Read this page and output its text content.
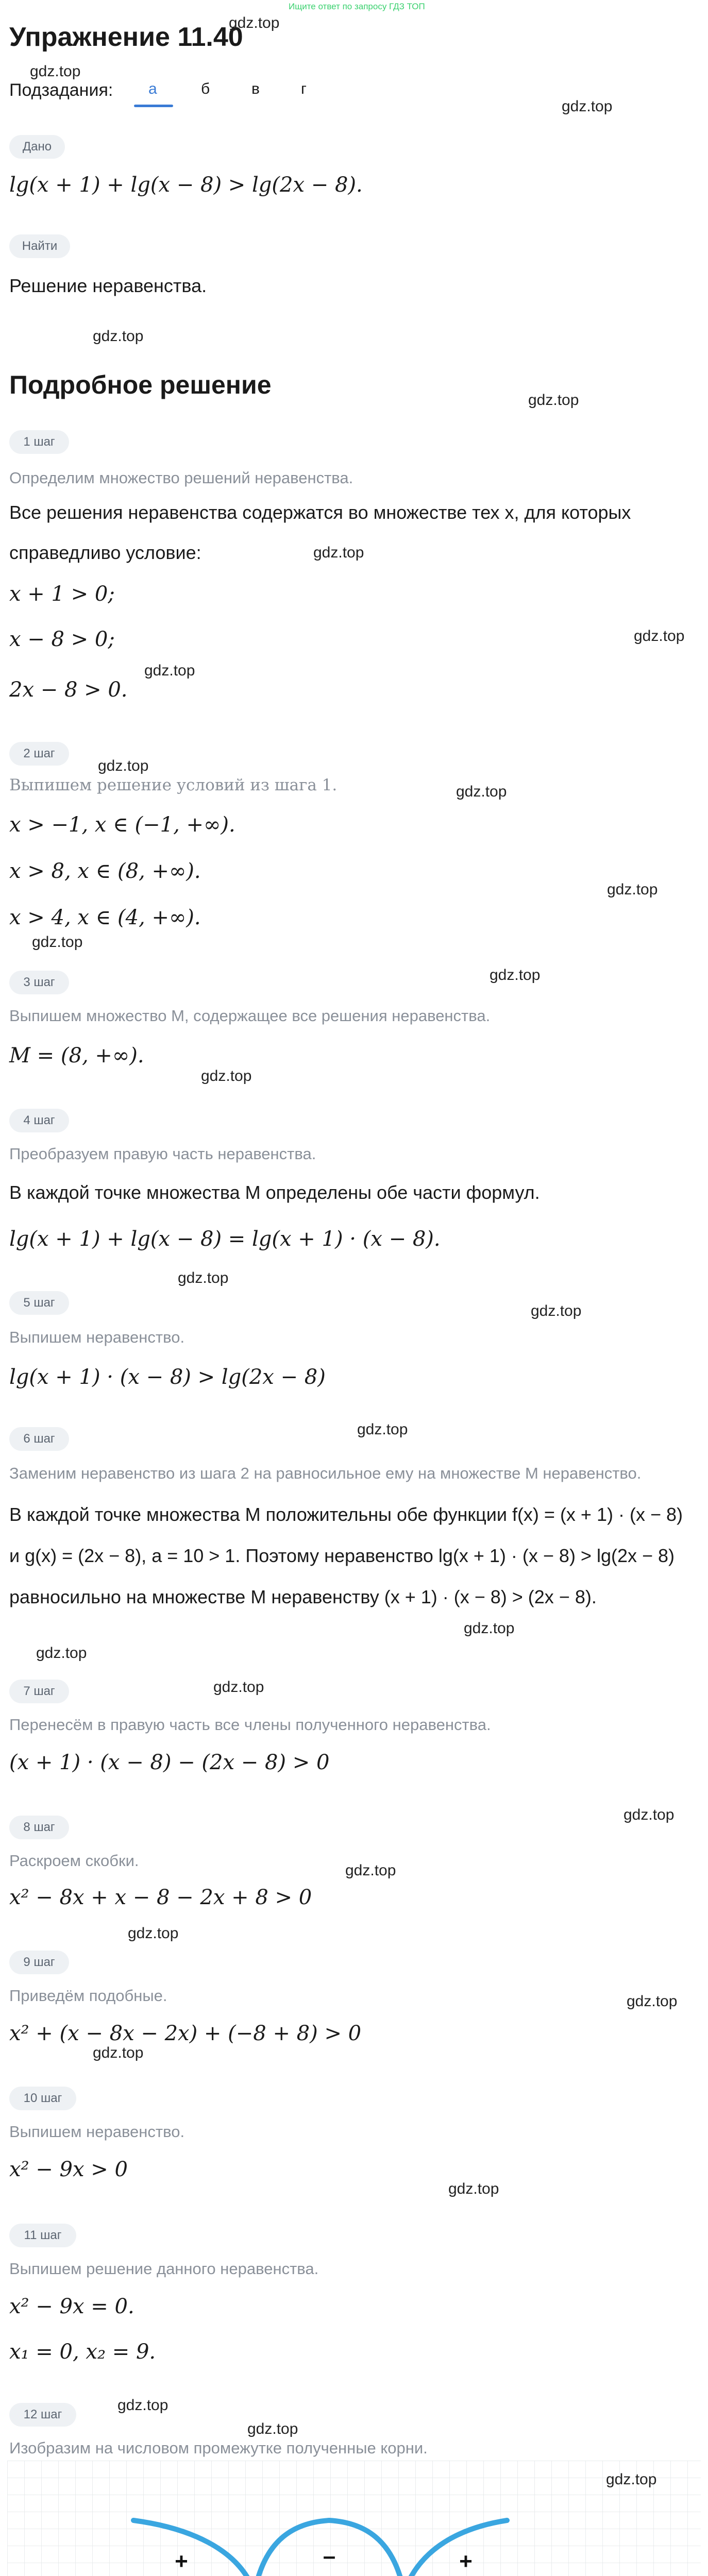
Ищите ответ по запросу ГДЗ ТОП
Упражнение 11.40
gdz.top
gdz.top
gdz.top
Подзадания: а	б	в	г
Дано
lg(x + 1) + lg(x − 8) > lg(2x − 8).
Найти
Решение неравенства.
gdz.top
Подробное решение
gdz.top
1 шаг
Определим множество решений неравенства.
Все решения неравенства содержатся во множестве тех x, для которых справедливо условие:	gdz.top
x + 1 > 0;
x − 8 > 0;	gdz.top
gdz.top
2x − 8 > 0.
gdz.top
2 шаг
gdz.top
Выпишем решение условий из шага 1.
x > −1, x ∈ (−1, +∞).
x > 8, x ∈ (8, +∞).
gdz.top
x > 4, x ∈ (4, +∞).
gdz.top
gdz.top
3 шаг
Выпишем множество M, содержащее все решения неравенства.
M = (8, +∞).
gdz.top
4 шаг
Преобразуем правую часть неравенства.
В каждой точке множества M определены обе части формул.
lg(x + 1) + lg(x − 8) = lg(x + 1) · (x − 8).
gdz.top
5 шаг	gdz.top
Выпишем неравенство.
lg(x + 1) · (x − 8) > lg(2x − 8)
gdz.top
6 шаг
Заменим неравенство из шага 2 на равносильное ему на множестве M неравенство.
В каждой точке множества M положительны обе функции f(x) = (x + 1) · (x − 8) и g(x) = (2x − 8), a = 10 > 1. Поэтому неравенство lg(x + 1) · (x − 8) > lg(2x − 8) равносильно на множестве M неравенству (x + 1) · (x − 8) > (2x − 8).
gdz.top
gdz.top
7 шаг	gdz.top
Перенесём в правую часть все члены полученного неравенства.
(x + 1) · (x − 8) − (2x − 8) > 0
gdz.top
8 шаг
Раскроем скобки.
gdz.top
x² − 8x + x − 8 − 2x + 8 > 0
gdz.top
9 шаг
gdz.top
Приведём подобные.
x² + (x − 8x − 2x) + (−8 + 8) > 0
gdz.top
10 шаг
Выпишем неравенство.
x² − 9x > 0
gdz.top
11 шаг
Выпишем решение данного неравенства.
x² − 9x = 0.
x₁ = 0, x₂ = 9.
gdz.top
12 шаг
gdz.top
Изобразим на числовом промежутке полученные корни.
+	–	+
gdz.top
